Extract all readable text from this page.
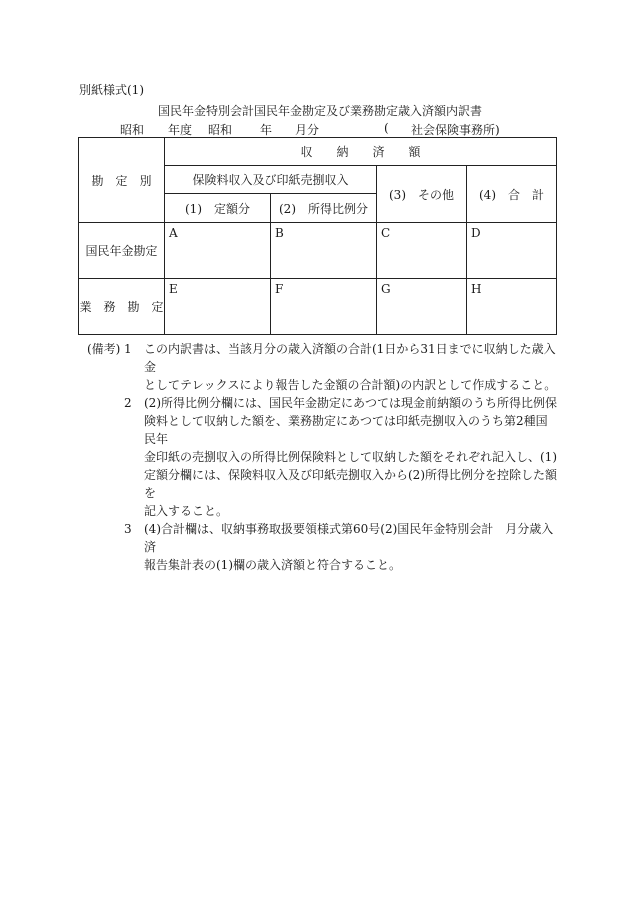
別紙様式(1)
国民年金特別会計国民年金勘定及び業務勘定歳入済額内訳書
昭和 年度 昭和 年 月分	( 社会保険事務所)
勘　定　別	収　　納　　済　　額			
	保険料収入及び印紙売捌収入		(3)　その他	(4)　合　計
	(1)　定額分	(2)　所得比例分		
国民年金勘定	A	B	C	D
業　務　勘　定	E	F	G	H
(備考) 1 この内訳書は、当該月分の歳入済額の合計(1日から31日までに収納した歳入金
としてテレックスにより報告した金額の合計額)の内訳として作成すること。
2 (2)所得比例分欄には、国民年金勘定にあつては現金前納額のうち所得比例保
険料として収納した額を、業務勘定にあつては印紙売捌収入のうち第2種国民年
金印紙の売捌収入の所得比例保険料として収納した額をそれぞれ記入し、(1)
定額分欄には、保険料収入及び印紙売捌収入から(2)所得比例分を控除した額を
記入すること。
3 (4)合計欄は、収納事務取扱要領様式第60号(2)国民年金特別会計　月分歳入済
報告集計表の(1)欄の歳入済額と符合すること。
